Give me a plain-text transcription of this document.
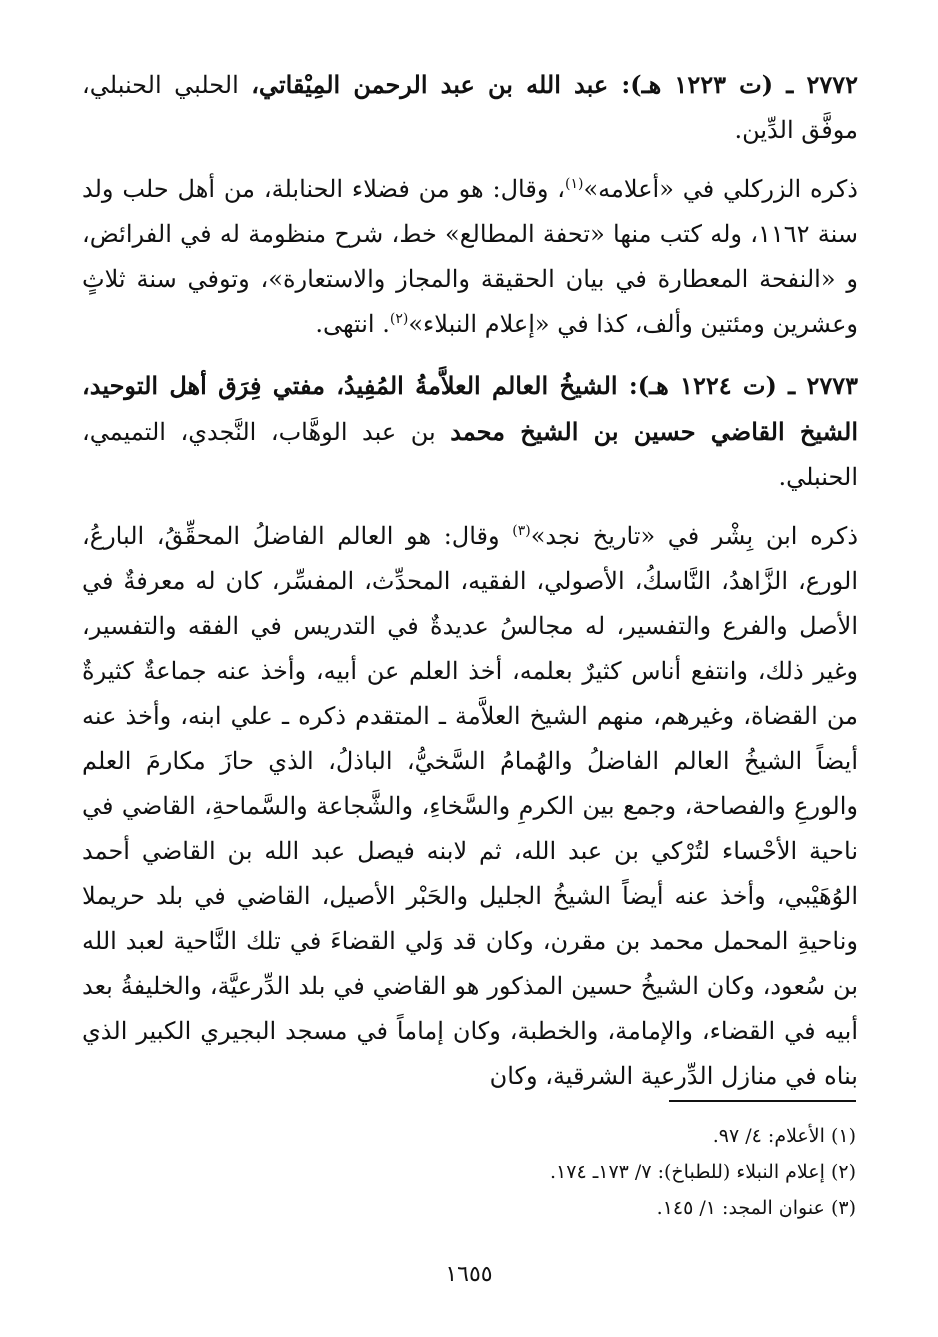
٢٧٧٢ ـ (ت ١٢٢٣ هـ): عبد الله بن عبد الرحمن المِيْقاتي، الحلبي الحنبلي، موفَّق الدِّين.

ذكره الزركلي في «أعلامه»$^{(١)}$، وقال: هو من فضلاء الحنابلة، من أهل حلب ولد سنة ١١٦٢، وله كتب منها «تحفة المطالع» خط، شرح منظومة له في الفرائض، و «النفحة المعطارة في بيان الحقيقة والمجاز والاستعارة»، وتوفي سنة ثلاثٍ وعشرين ومئتين وألف، كذا في «إعلام النبلاء»$^{(٢)}$. انتهى.

٢٧٧٣ ـ (ت ١٢٢٤ هـ): الشيخُ العالم العلاَّمةُ المُفِيدُ، مفتي فِرَق أهل التوحيد، الشيخ القاضي حسين بن الشيخ محمد بن عبد الوهَّاب، النَّجدي، التميمي، الحنبلي.

ذكره ابن بِشْر في «تاريخ نجد»$^{(٣)}$ وقال: هو العالم الفاضلُ المحقِّقُ، البارعُ، الورع، الزَّاهدُ، النَّاسكُ، الأصولي، الفقيه، المحدِّث، المفسِّر، كان له معرفةٌ في الأصل والفرع والتفسير، له مجالسُ عديدةٌ في التدريس في الفقه والتفسير، وغير ذلك، وانتفع أناس كثيرٌ بعلمه، أخذ العلم عن أبيه، وأخذ عنه جماعةٌ كثيرةٌ من القضاة، وغيرهم، منهم الشيخ العلاَّمة ـ المتقدم ذكره ـ علي ابنه، وأخذ عنه أيضاً الشيخُ العالم الفاضلُ والهُمامُ السَّخيُّ، الباذلُ، الذي حازَ مكارمَ العلم والورعِ والفصاحة، وجمع بين الكرمِ والسَّخاءِ، والشَّجاعة والسَّماحةِ، القاضي في ناحية الأحْساء لتُرْكي بن عبد الله، ثم لابنه فيصل عبد الله بن القاضي أحمد الوُهَيْبي، وأخذ عنه أيضاً الشيخُ الجليل والحَبْر الأصيل، القاضي في بلد حريملا وناحيةِ المحمل محمد بن مقرن، وكان قد وَلي القضاءَ في تلك النَّاحية لعبد الله بن سُعود، وكان الشيخُ حسين المذكور هو القاضي في بلد الدِّرعيَّة، والخليفةُ بعد أبيه في القضاء، والإمامة، والخطبة، وكان إماماً في مسجد البجيري الكبير الذي بناه في منازل الدِّرعية الشرقية، وكان

(١) الأعلام: ٤/ ٩٧.

(٢) إعلام النبلاء (للطباخ): ٧/ ١٧٣ـ ١٧٤.

(٣) عنوان المجد: ١/ ١٤٥.

١٦٥٥
